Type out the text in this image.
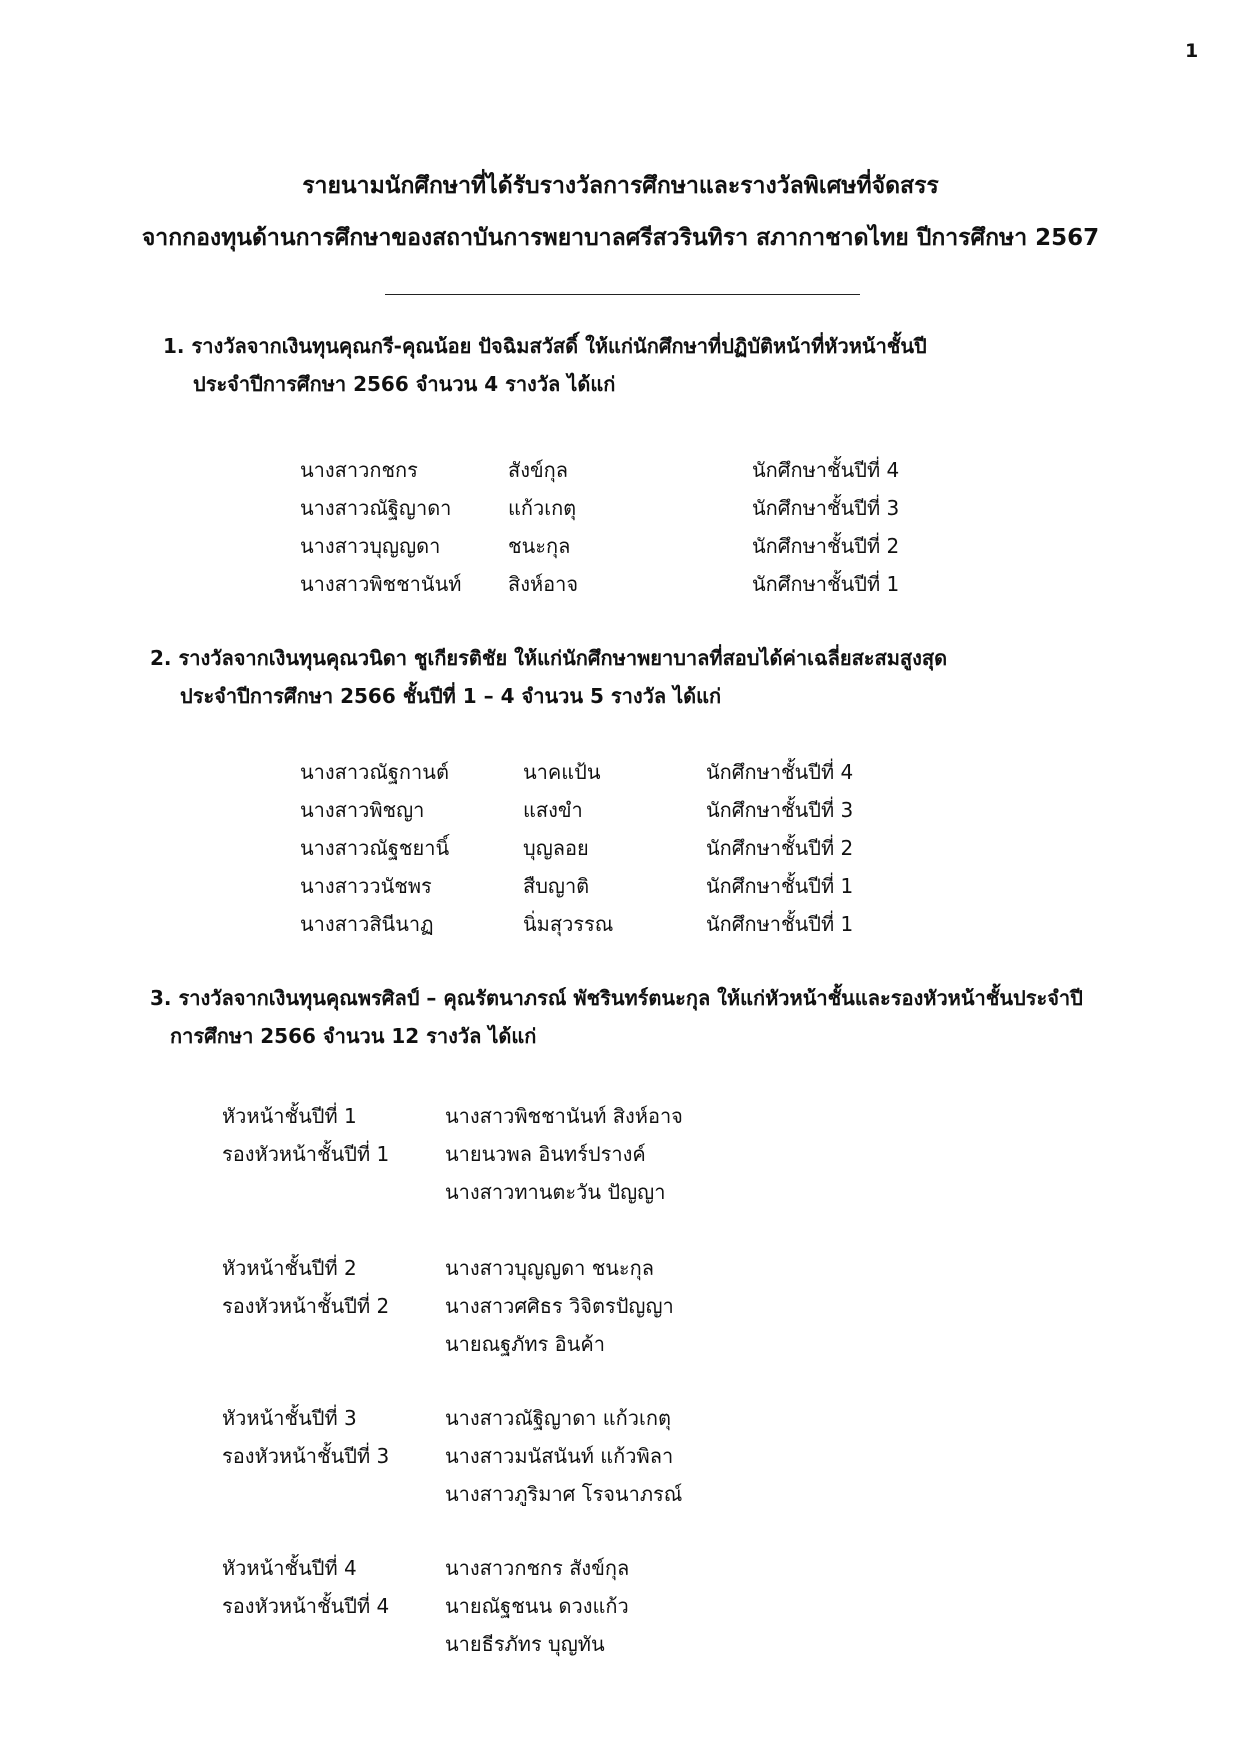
1
รายนามนักศึกษาที่ได้รับรางวัลการศึกษาและรางวัลพิเศษที่จัดสรร
จากกองทุนด้านการศึกษาของสถาบันการพยาบาลศรีสวรินทิรา สภากาชาดไทย ปีการศึกษา 2567
1. รางวัลจากเงินทุนคุณกรี-คุณน้อย ปัจฉิมสวัสดิ์ ให้แก่นักศึกษาที่ปฏิบัติหน้าที่หัวหน้าชั้นปี
ประจำปีการศึกษา 2566 จำนวน 4 รางวัล ได้แก่
นางสาวกชกร	สังข์กุล	นักศึกษาชั้นปีที่ 4
นางสาวณัฐิญาดา	แก้วเกตุ	นักศึกษาชั้นปีที่ 3
นางสาวบุญญดา	ชนะกุล	นักศึกษาชั้นปีที่ 2
นางสาวพิชชานันท์ สิงห์อาจ	นักศึกษาชั้นปีที่ 1
2. รางวัลจากเงินทุนคุณวนิดา ชูเกียรติชัย ให้แก่นักศึกษาพยาบาลที่สอบได้ค่าเฉลี่ยสะสมสูงสุด
ประจำปีการศึกษา 2566 ชั้นปีที่ 1 – 4 จำนวน 5 รางวัล ได้แก่
นางสาวณัฐกานต์	นาคแป้น	นักศึกษาชั้นปีที่ 4
นางสาวพิชญา	แสงขำ	นักศึกษาชั้นปีที่ 3
นางสาวณัฐชยานิ์	บุญลอย	นักศึกษาชั้นปีที่ 2
นางสาววนัชพร	สืบญาติ	นักศึกษาชั้นปีที่ 1
นางสาวสินีนาฏ	นิ่มสุวรรณ	นักศึกษาชั้นปีที่ 1
3. รางวัลจากเงินทุนคุณพรศิลป์ – คุณรัตนาภรณ์ พัชรินทร์ตนะกุล ให้แก่หัวหน้าชั้นและรองหัวหน้าชั้นประจำปี
การศึกษา 2566 จำนวน 12 รางวัล ได้แก่
หัวหน้าชั้นปีที่ 1	นางสาวพิชชานันท์ สิงห์อาจ
รองหัวหน้าชั้นปีที่ 1	นายนวพล อินทร์ปรางค์
นางสาวทานตะวัน ปัญญา
หัวหน้าชั้นปีที่ 2	นางสาวบุญญดา ชนะกุล
รองหัวหน้าชั้นปีที่ 2	นางสาวศศิธร วิจิตรปัญญา
นายณฐภัทร อินค้า
หัวหน้าชั้นปีที่ 3	นางสาวณัฐิญาดา แก้วเกตุ
รองหัวหน้าชั้นปีที่ 3	นางสาวมนัสนันท์ แก้วพิลา
นางสาวภูริมาศ โรจนาภรณ์
หัวหน้าชั้นปีที่ 4	นางสาวกชกร สังข์กุล
รองหัวหน้าชั้นปีที่ 4	นายณัฐชนน ดวงแก้ว
นายธีรภัทร บุญทัน
